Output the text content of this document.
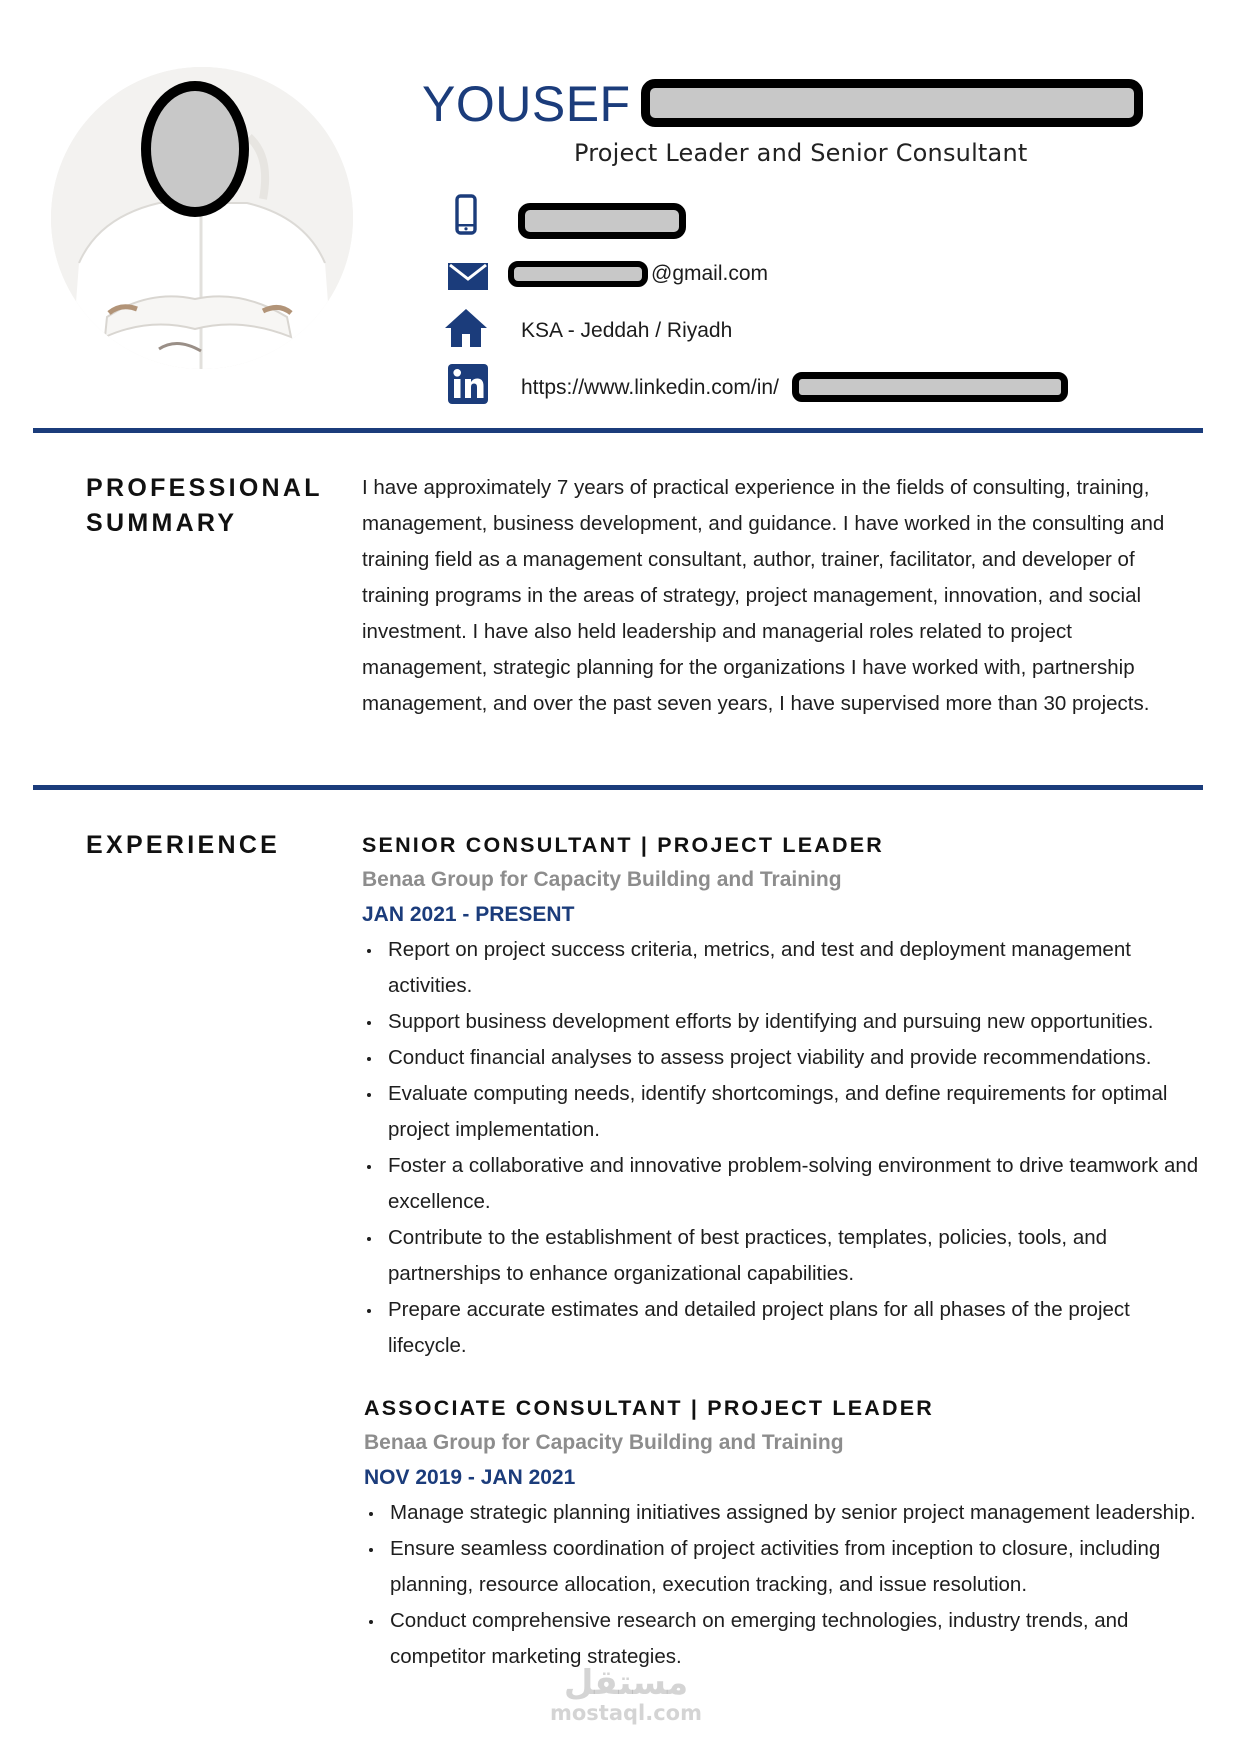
YOUSEF
Project Leader and Senior Consultant
@gmail.com
KSA - Jeddah / Riyadh
https://www.linkedin.com/in/
PROFESSIONAL
SUMMARY

I have approximately 7 years of practical experience in the fields of consulting, training, management, business development, and guidance. I have worked in the consulting and training field as a management consultant, author, trainer, facilitator, and developer of training programs in the areas of strategy, project management, innovation, and social investment. I have also held leadership and managerial roles related to project management, strategic planning for the organizations I have worked with, partnership management, and over the past seven years, I have supervised more than 30 projects.

EXPERIENCE	SENIOR CONSULTANT | PROJECT LEADER
Benaa Group for Capacity Building and Training
JAN 2021 - PRESENT
Report on project success criteria, metrics, and test and deployment management activities.
Support business development efforts by identifying and pursuing new opportunities.
Conduct financial analyses to assess project viability and provide recommendations.
Evaluate computing needs, identify shortcomings, and define requirements for optimal project implementation.
Foster a collaborative and innovative problem-solving environment to drive teamwork and excellence.
Contribute to the establishment of best practices, templates, policies, tools, and partnerships to enhance organizational capabilities.
Prepare accurate estimates and detailed project plans for all phases of the project lifecycle.
ASSOCIATE CONSULTANT | PROJECT LEADER
Benaa Group for Capacity Building and Training
NOV 2019 - JAN 2021
Manage strategic planning initiatives assigned by senior project management leadership.
Ensure seamless coordination of project activities from inception to closure, including planning, resource allocation, execution tracking, and issue resolution.
Conduct comprehensive research on emerging technologies, industry trends, and competitor marketing strategies.
مستقل
mostaql.com
